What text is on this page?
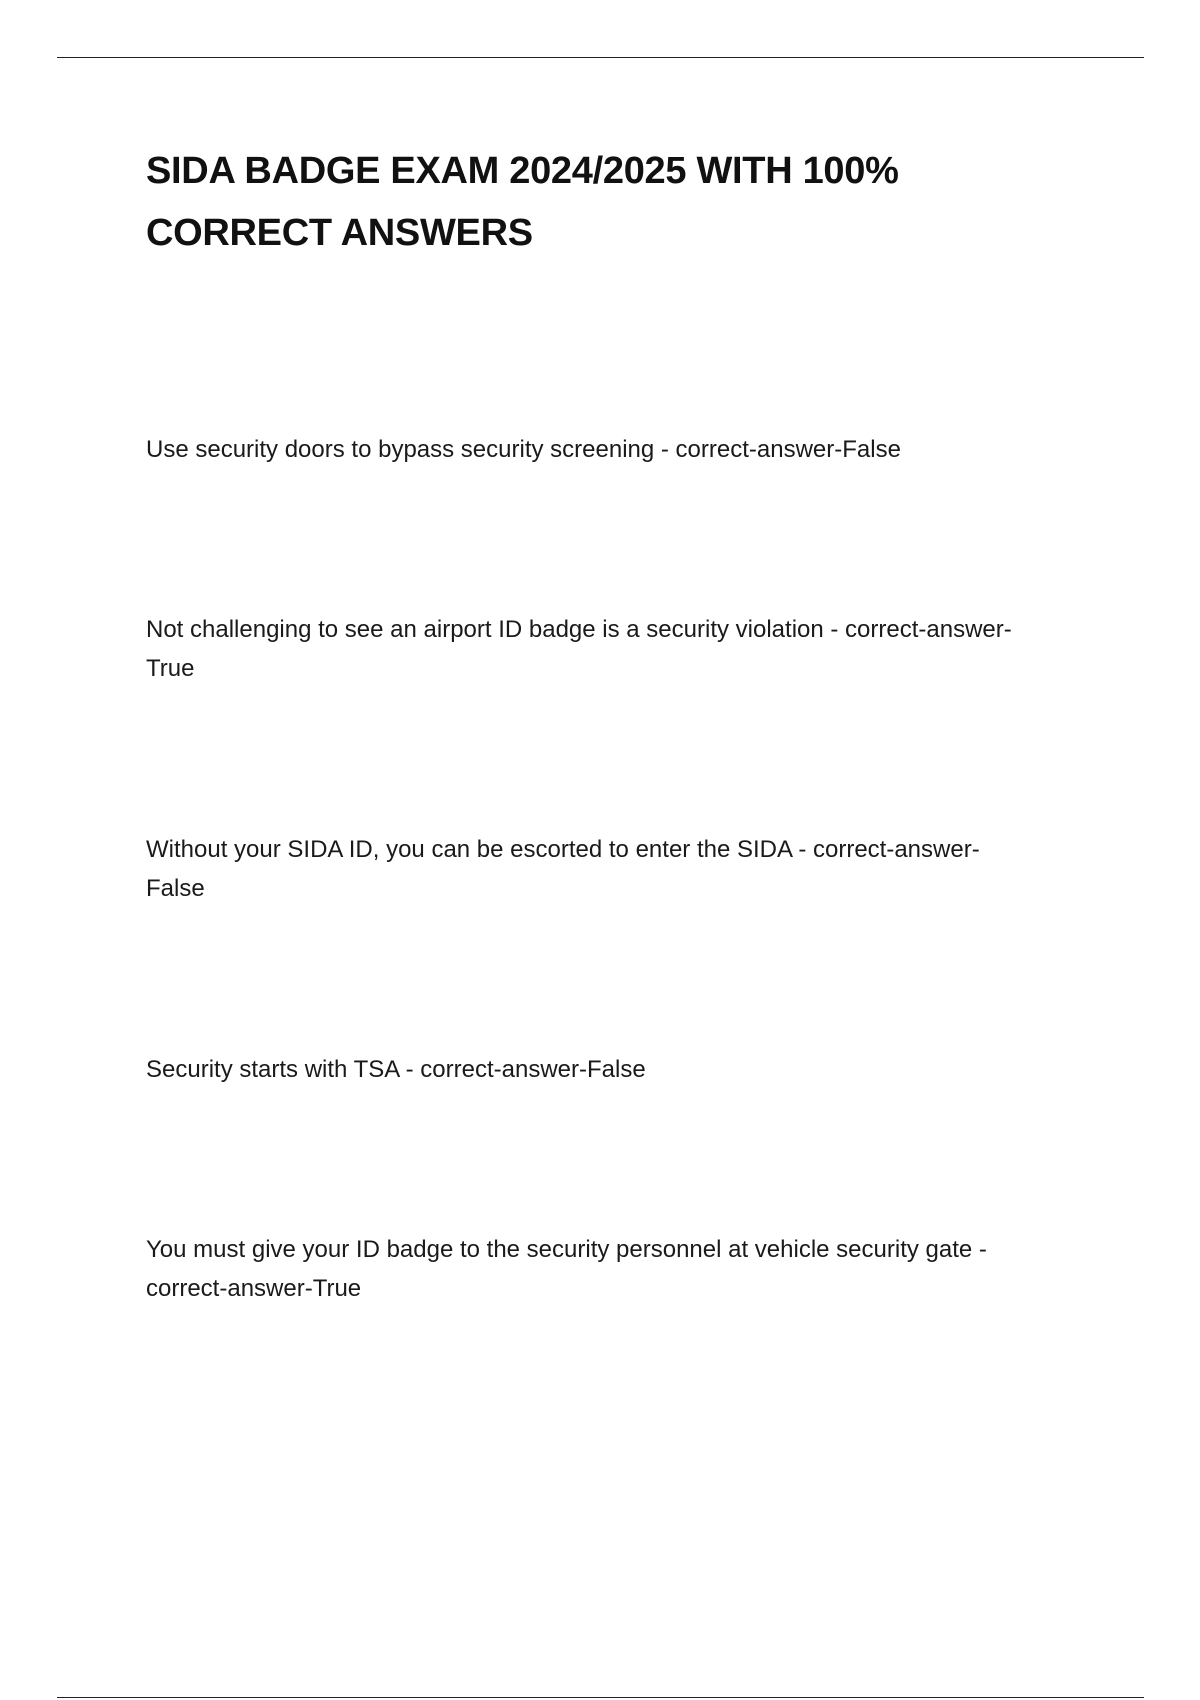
SIDA BADGE EXAM 2024/2025 WITH 100%
CORRECT ANSWERS

Use security doors to bypass security screening - correct-answer-False

Not challenging to see an airport ID badge is a security violation - correct-answer-
True

Without your SIDA ID, you can be escorted to enter the SIDA - correct-answer-
False

Security starts with TSA - correct-answer-False

You must give your ID badge to the security personnel at vehicle security gate -
correct-answer-True
